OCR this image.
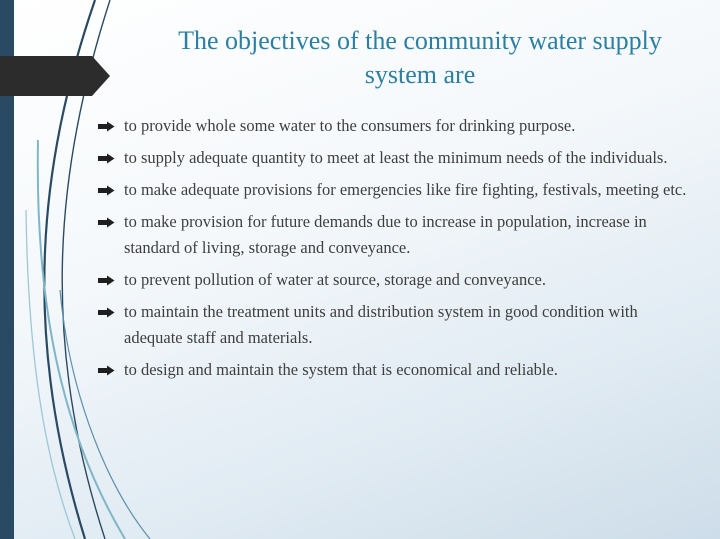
The objectives of the community water supply system are
to provide whole some water to the consumers for drinking purpose.
to supply adequate quantity to meet at least the minimum needs of the individuals.
to make adequate provisions for emergencies like fire fighting, festivals, meeting etc.
to make provision for future demands due to increase in population, increase in standard of living, storage and conveyance.
to prevent pollution of water at source, storage and conveyance.
to maintain the treatment units and distribution system in good condition with adequate staff and materials.
to design and maintain the system that is economical and reliable.
